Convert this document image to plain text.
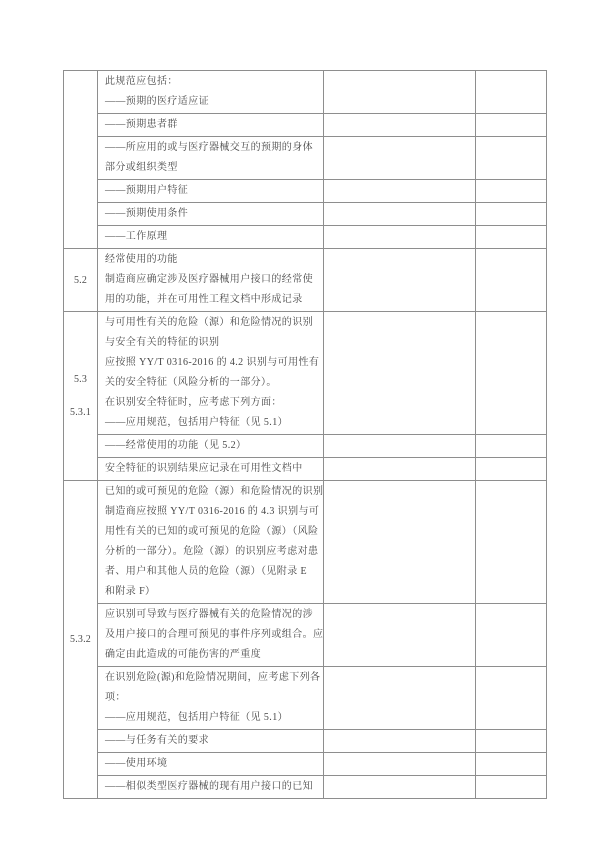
此规范应包括：
——预期的医疗适应证
——预期患者群
——所应用的或与医疗器械交互的预期的身体
部分或组织类型
——预期用户特征
——预期使用条件
——工作原理
5.2
经常使用的功能
制造商应确定涉及医疗器械用户接口的经常使
用的功能，并在可用性工程文档中形成记录
5.3
5.3.1
与可用性有关的危险（源）和危险情况的识别
与安全有关的特征的识别
应按照 YY/T 0316-2016 的 4.2 识别与可用性有
关的安全特征（风险分析的一部分）。
在识别安全特征时，应考虑下列方面：
——应用规范，包括用户特征（见 5.1）
——经常使用的功能（见 5.2）
安全特征的识别结果应记录在可用性文档中
5.3.2
已知的或可预见的危险（源）和危险情况的识别
制造商应按照 YY/T 0316-2016 的 4.3 识别与可
用性有关的已知的或可预见的危险（源）（风险
分析的一部分）。危险（源）的识别应考虑对患
者、用户和其他人员的危险（源）（见附录 E
和附录 F）
应识别可导致与医疗器械有关的危险情况的涉
及用户接口的合理可预见的事件序列或组合。应
确定由此造成的可能伤害的严重度
在识别危险(源)和危险情况期间，应考虑下列各
项：
——应用规范，包括用户特征（见 5.1）
——与任务有关的要求
——使用环境
——相似类型医疗器械的现有用户接口的已知
